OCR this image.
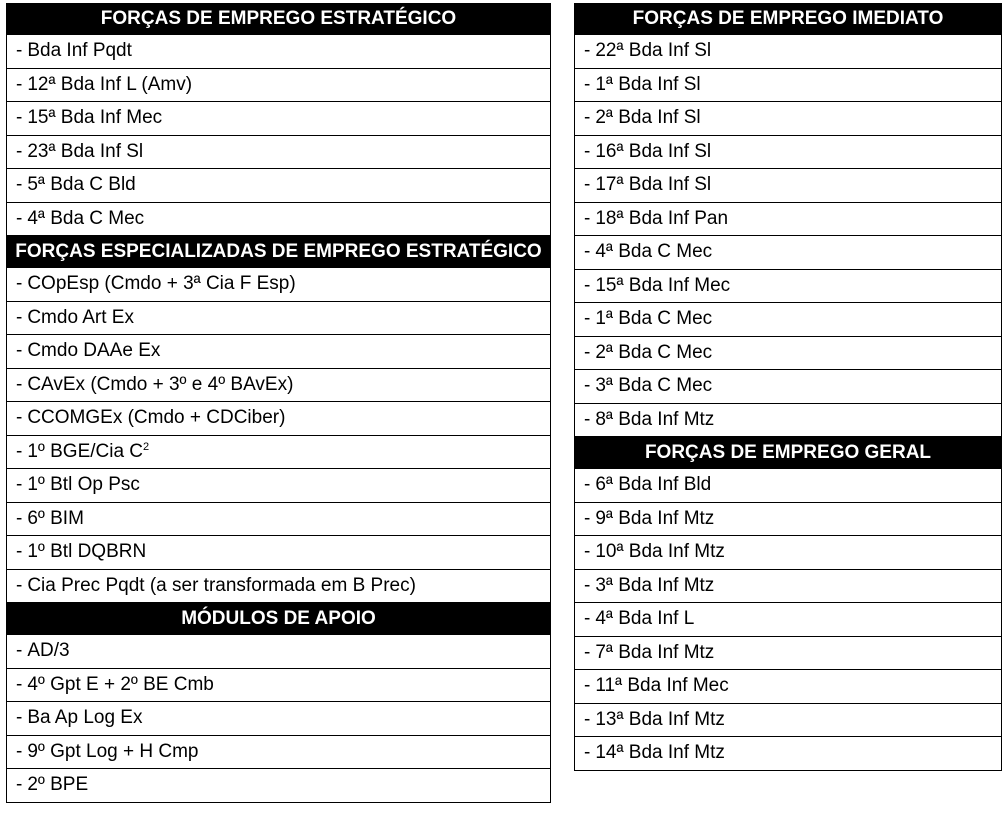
FORÇAS DE EMPREGO ESTRATÉGICO
- Bda Inf Pqdt
- 12ª Bda Inf L (Amv)
- 15ª Bda Inf Mec
- 23ª Bda Inf Sl
- 5ª Bda C Bld
- 4ª Bda C Mec
FORÇAS ESPECIALIZADAS DE EMPREGO ESTRATÉGICO
- COpEsp (Cmdo + 3ª Cia F Esp)
- Cmdo Art Ex
- Cmdo DAAe Ex
- CAvEx (Cmdo + 3º e 4º BAvEx)
- CCOMGEx (Cmdo + CDCiber)
- 1º BGE/Cia $C^2$
- 1º Btl Op Psc
- 6º BIM
- 1º Btl DQBRN
- Cia Prec Pqdt (a ser transformada em B Prec)
MÓDULOS DE APOIO
- AD/3
- 4º Gpt E + 2º BE Cmb
- Ba Ap Log Ex
- 9º Gpt Log + H Cmp
- 2º BPE
FORÇAS DE EMPREGO IMEDIATO
- 22ª Bda Inf Sl
- 1ª Bda Inf Sl
- 2ª Bda Inf Sl
- 16ª Bda Inf Sl
- 17ª Bda Inf Sl
- 18ª Bda Inf Pan
- 4ª Bda C Mec
- 15ª Bda Inf Mec
- 1ª Bda C Mec
- 2ª Bda C Mec
- 3ª Bda C Mec
- 8ª Bda Inf Mtz
FORÇAS DE EMPREGO GERAL
- 6ª Bda Inf Bld
- 9ª Bda Inf Mtz
- 10ª Bda Inf Mtz
- 3ª Bda Inf Mtz
- 4ª Bda Inf L
- 7ª Bda Inf Mtz
- 11ª Bda Inf Mec
- 13ª Bda Inf Mtz
- 14ª Bda Inf Mtz
